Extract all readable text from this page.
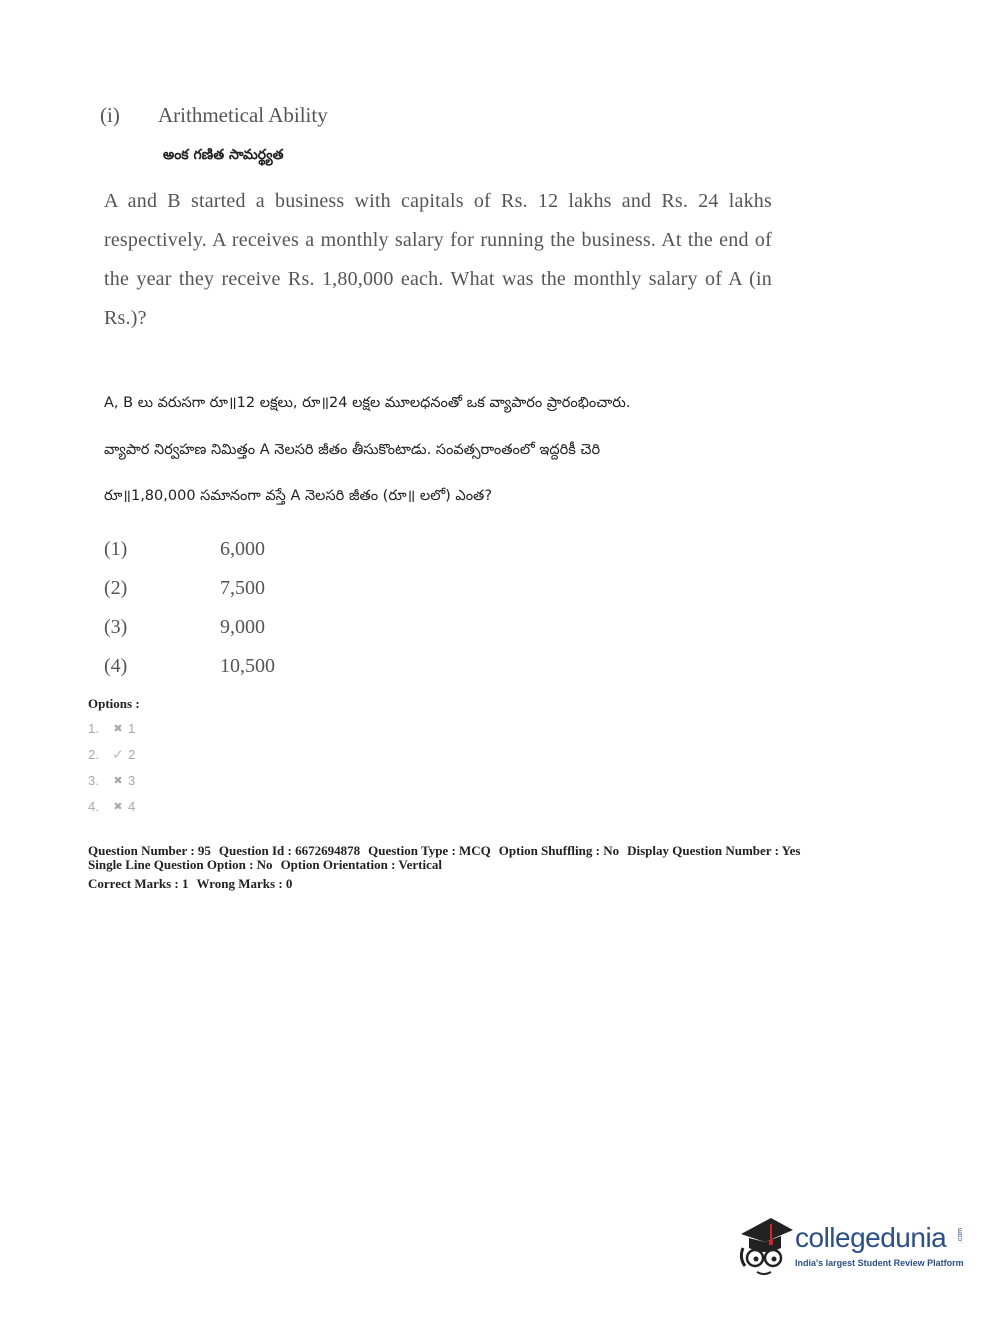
(i) Arithmetical Ability
అంక గణిత సామర్థ్యత
A and B started a business with capitals of Rs. 12 lakhs and Rs. 24 lakhs respectively. A receives a monthly salary for running the business. At the end of the year they receive Rs. 1,80,000 each. What was the monthly salary of A (in Rs.)?

A, B లు వరుసగా రూ॥12 లక్షలు, రూ॥24 లక్షల మూలధనంతో ఒక వ్యాపారం ప్రారంభించారు.

వ్యాపార నిర్వహణ నిమిత్తం A నెలసరి జీతం తీసుకొంటాడు. సంవత్సరాంతంలో ఇద్దరికీ చెరి

రూ॥1,80,000 సమానంగా వస్తే A నెలసరి జీతం (రూ॥ లలో) ఎంత?

(1)	6,000
(2)	7,500
(3)	9,000
(4)	10,500
Options :
1.	✖ 1
2. ✓ 2
3.	✖ 3
4.	✖ 4
Question Number : 95 Question Id : 6672694878 Question Type : MCQ Option Shuffling : No Display Question Number : Yes
Single Line Question Option : No Option Orientation : Vertical
Correct Marks : 1 Wrong Marks : 0
collegedunia .com
India's largest Student Review Platform
